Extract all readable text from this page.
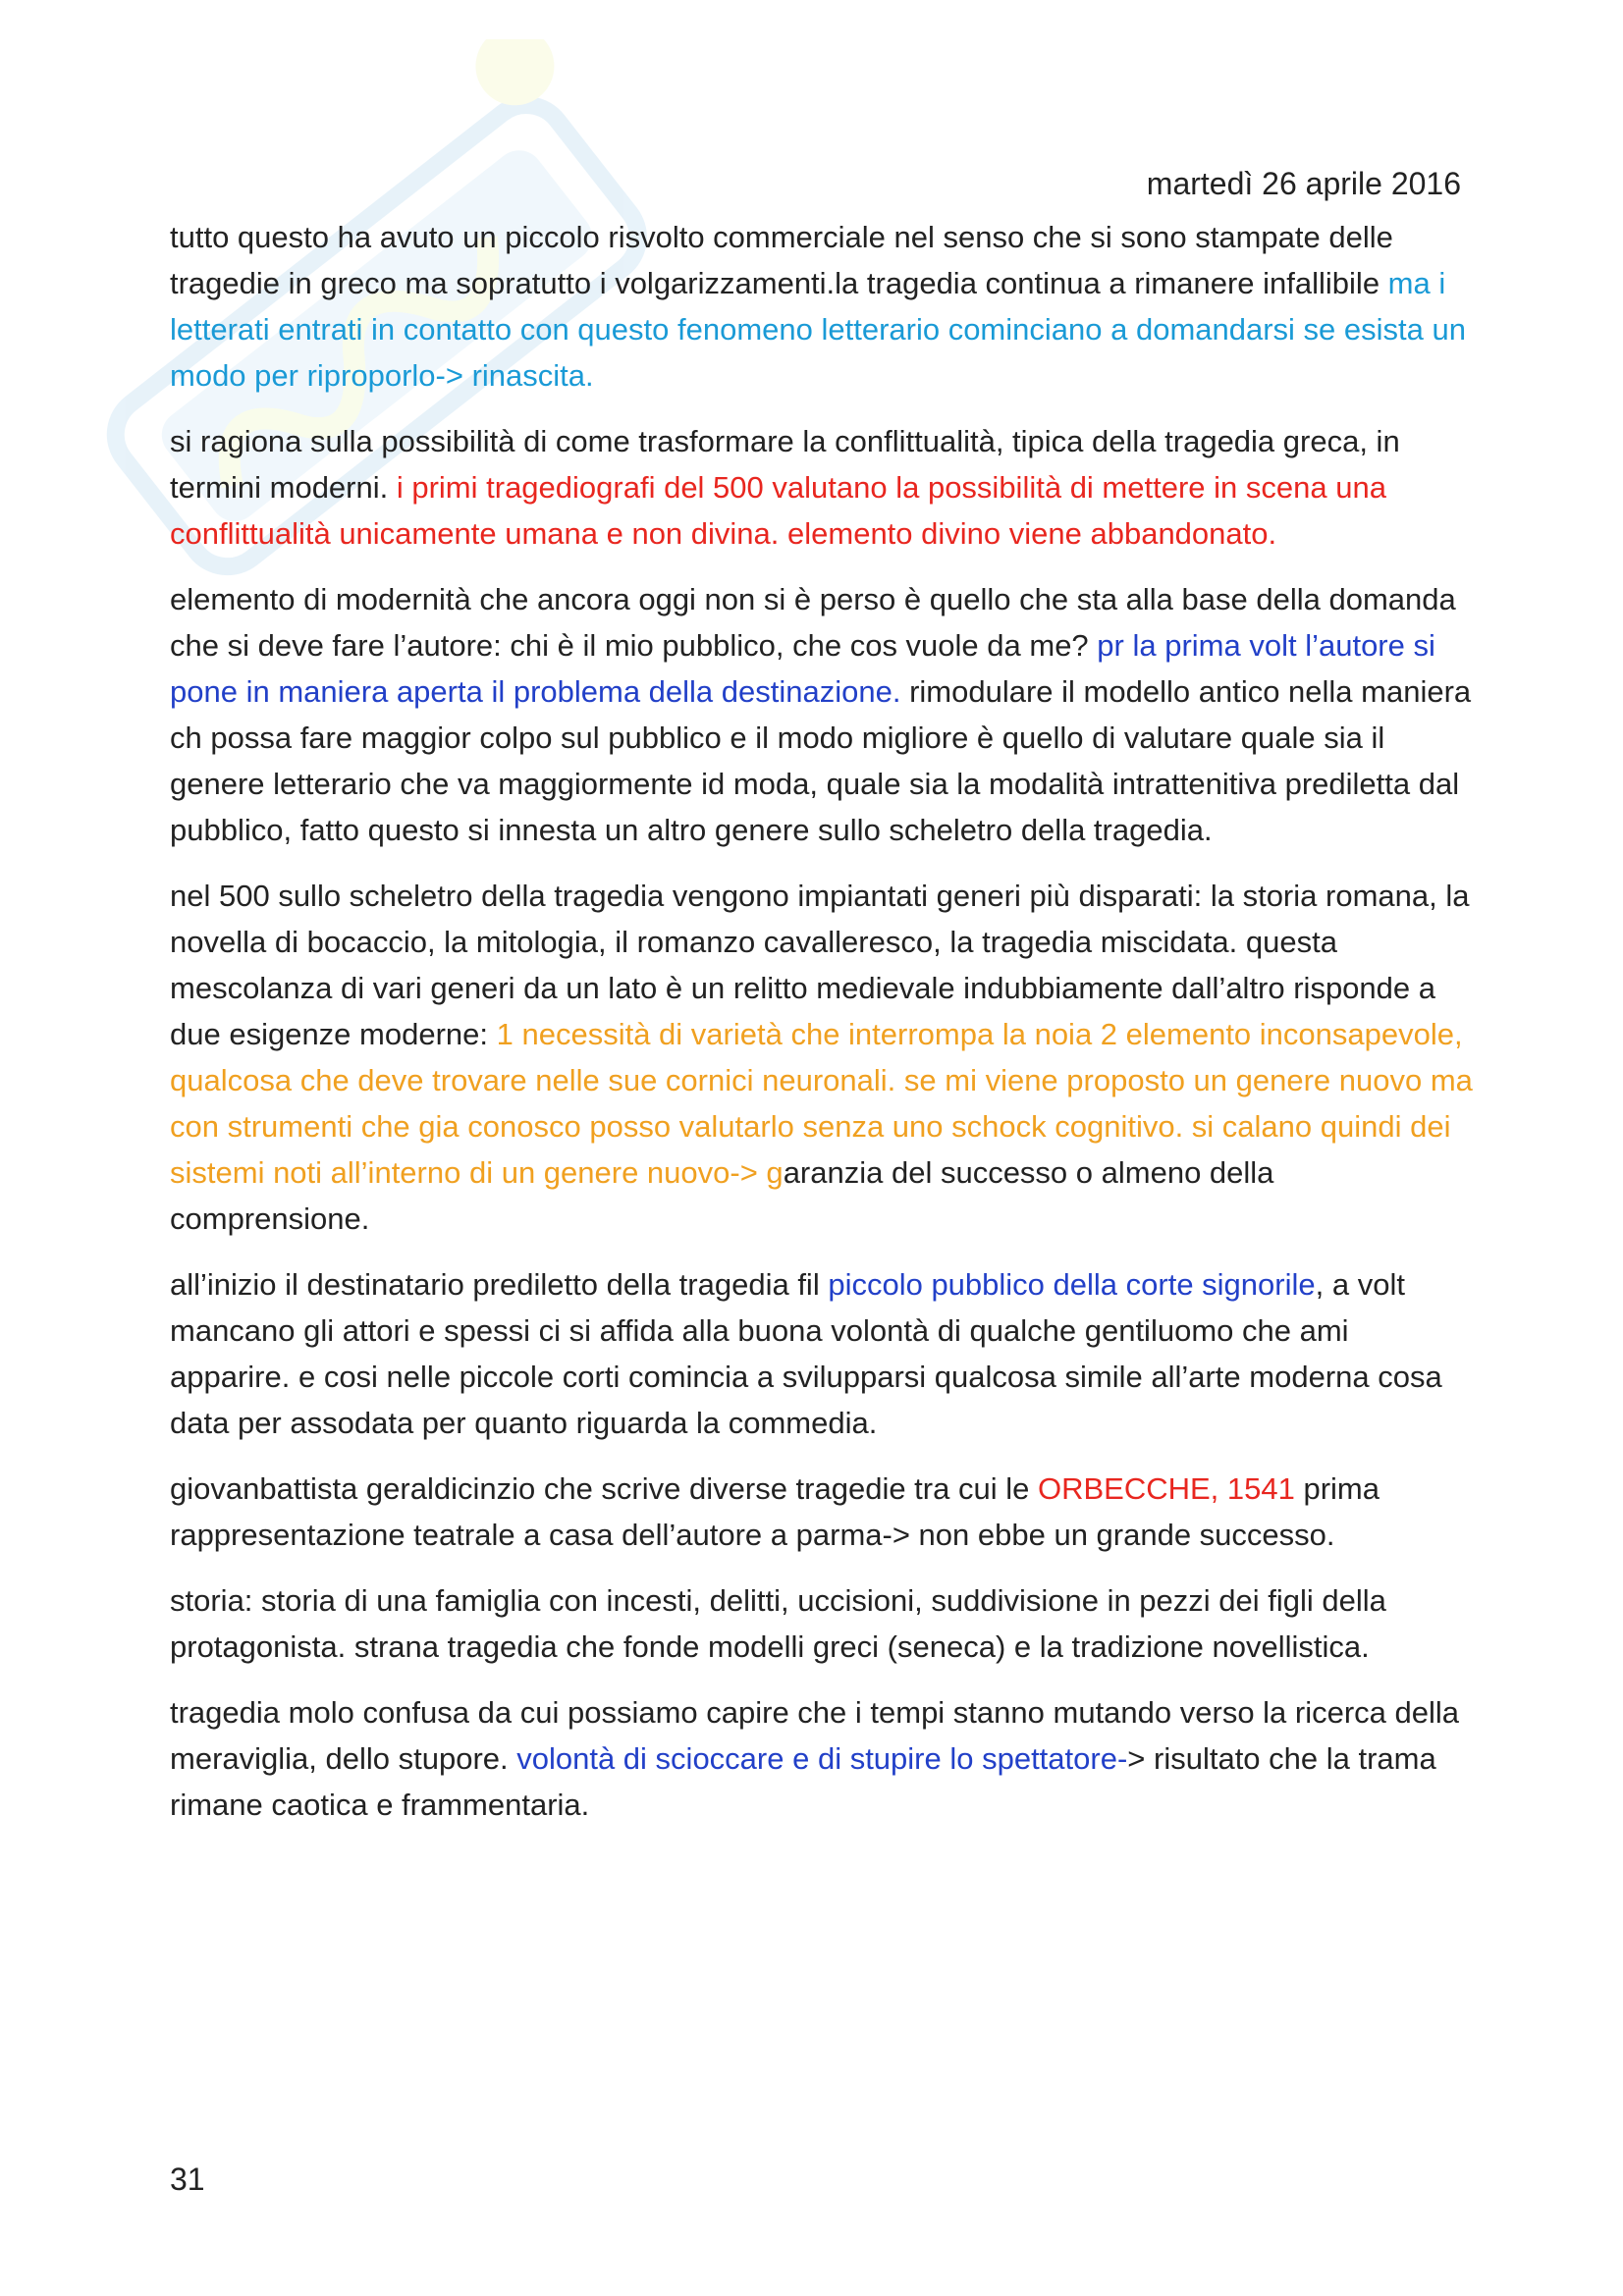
martedì 26 aprile 2016

tutto questo ha avuto un piccolo risvolto commerciale nel senso che si sono stampate delle tragedie in greco ma sopratutto i volgarizzamenti.la tragedia continua a rimanere infallibile ma i letterati entrati in contatto con questo fenomeno letterario cominciano a domandarsi se esista un modo per riproporlo-> rinascita.

si ragiona sulla possibilità di come trasformare la conflittualità, tipica della tragedia greca, in termini moderni. i primi tragediografi del 500 valutano la possibilità di mettere in scena una conflittualità unicamente umana e non divina. elemento divino viene abbandonato.

elemento di modernità che ancora oggi non si è perso è quello che sta alla base della domanda che si deve fare l’autore: chi è il mio pubblico, che cos vuole da me? pr la prima volt l’autore si pone in maniera aperta il problema della destinazione. rimodulare il modello antico nella maniera ch possa fare maggior colpo sul pubblico e il modo migliore è quello di valutare quale sia il genere letterario che va maggiormente id moda, quale sia la modalità intrattenitiva prediletta dal pubblico, fatto questo si innesta un altro genere sullo scheletro della tragedia.

nel 500 sullo scheletro della tragedia vengono impiantati generi più disparati: la storia romana, la novella di bocaccio, la mitologia, il romanzo cavalleresco, la tragedia miscidata. questa mescolanza di vari generi da un lato è un relitto medievale indubbiamente dall’altro risponde a due esigenze moderne: 1 necessità di varietà che interrompa la noia 2 elemento inconsapevole, qualcosa che deve trovare nelle sue cornici neuronali. se mi viene proposto un genere nuovo ma con strumenti che gia conosco posso valutarlo senza uno schock cognitivo. si calano quindi dei sistemi noti all’interno di un genere nuovo-> garanzia del successo o almeno della comprensione.

all’inizio il destinatario prediletto della tragedia fil piccolo pubblico della corte signorile, a volt mancano gli attori e spessi ci si affida alla buona volontà di qualche gentiluomo che ami apparire. e cosi nelle piccole corti comincia a svilupparsi qualcosa simile all’arte moderna cosa data per assodata per quanto riguarda la commedia.

giovanbattista geraldicinzio che scrive diverse tragedie tra cui le ORBECCHE, 1541 prima rappresentazione teatrale a casa dell’autore a parma-> non ebbe un grande successo.

storia: storia di una famiglia con incesti, delitti, uccisioni, suddivisione in pezzi dei figli della protagonista. strana tragedia che fonde modelli greci (seneca) e la tradizione novellistica.

tragedia molo confusa da cui possiamo capire che i tempi stanno mutando verso la ricerca della meraviglia, dello stupore. volontà di scioccare e di stupire lo spettatore-> risultato che la trama rimane caotica e frammentaria.

31
